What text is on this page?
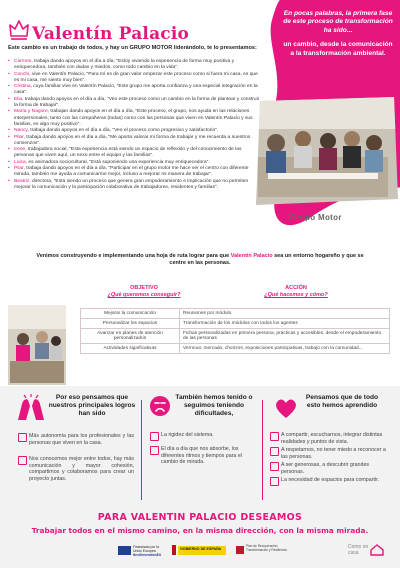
Valentín Palacio
Este cambio es un trabajo de todos, y hay un GRUPO MOTOR liderándolo, te lo presentamos:
• Carmen, trabaja dando apoyos en el día a día, "Estoy viviendo la experiencia de forma muy positiva y enriquecedora, también con dudas y miedos, como todo cambio en la vida".
• Conchi, vive en Valentín Palacio, "Para mí es de gran valor empezar este proceso como si fuera mi casa, es que es mi casa, me siento muy bien".
• Cristina, cuya familiar vive en Valentín Palacio, "Este grupo me aporta confianza y una especial integración en la casa".
• Elia, trabaja dando apoyos en el día a día, "Veo este proceso como un cambio en la forma de plantear y construir la forma de trabajar".
• María y Nagore, trabajan dando apoyos en el día a día, "Este proceso, el grupo, nos ayuda en las relaciones interpersonales; tanto con las compañeras (todas) como con las personas que viven en Valentín Palacio y sus familias, es algo muy positivo".
• Nancy, trabaja dando apoyos en el día a día, "Veo el proceso como progresivo y satisfactorio".
• Pilar, trabaja dando apoyos en el día a día, "Me aporta valorar mi forma de trabajar y me recuerda a nuestros comienzos".
• Irene, trabajadora social, "Esta experiencia está siendo un espacio de reflexión y del conocimiento de las personas que viven aquí, un nexo entre el equipo y las familias".
• Luisa, es animadora sociocultural, "Está suponiendo una experiencia muy enriquecedora".
• Pilar, trabaja dando apoyos en el día a día, "Participar en el grupo motor me hace ver el centro con diferente mirada, también me ayuda a comunicarme mejor, incluso a mejorar mi manera de trabajar".
• Beatriz, directora, "Está siendo un proceso que genera gran empoderamiento e implicación que no permiten mejorar la comunicación y la participación colaborativa de trabajadores, residentes y familias".
En pocas palabras, la primera fase de este proceso de transformación ha sido...
un cambio, desde la comunicación a la transformación ambiental.
Grupo Motor
Venimos construyendo e implementando una hoja de ruta lograr para que Valentín Palacio sea un entorno hogareño y que se centre en las personas.
OBJETIVO
¿Qué queremos conseguir?
ACCIÓN
¿Qué hacemos y cómo?
Mejorar la comunicación	Reuniones por módulo
Personalizar los espacios	Transformación de los módulos con todos los agentes
Avanzar en planes de atención personalizados	Fichas personalizadas en primera persona, prácticas y accesibles, desde el empoderamiento de las personas
Actividades significativas	Vermout, mercado, chorizos, exposiciones participativas, trabajo con la comunidad...
Por eso pensamos que nuestros principales logros han sido
Más autonomía para los profesionales y las personas que viven en la casa.
Nos conocemos mejor entre todos, hay más comunicación y mayor cohesión, compartimos y colaboramos para crear un proyecto juntas.
También hemos tenido o seguimos teniendo dificultades,
La rigidez del sistema.
El día a día que nos absorbe, los diferentes ritmos y tiempos para el cambio de mirada.
Pensamos que de todo esto hemos aprendido
A compartir, escucharnos, integrar distintas realidades y puntos de vista.
A respetarnos, no tener miedo a reconocer a las personas.
A ser generosas, a descubrir grandes personas.
La necesidad de espacios para compartir.
PARA VALENTIN PALACIO DESEAMOS
Trabajar todos en el mismo camino, en la misma dirección, con la misma mirada.
Financiado por la Unión Europea
NextGenerationEU
GOBIERNO DE ESPAÑA
Plan de Recuperación, Transformación y Resiliencia	Como en casa
